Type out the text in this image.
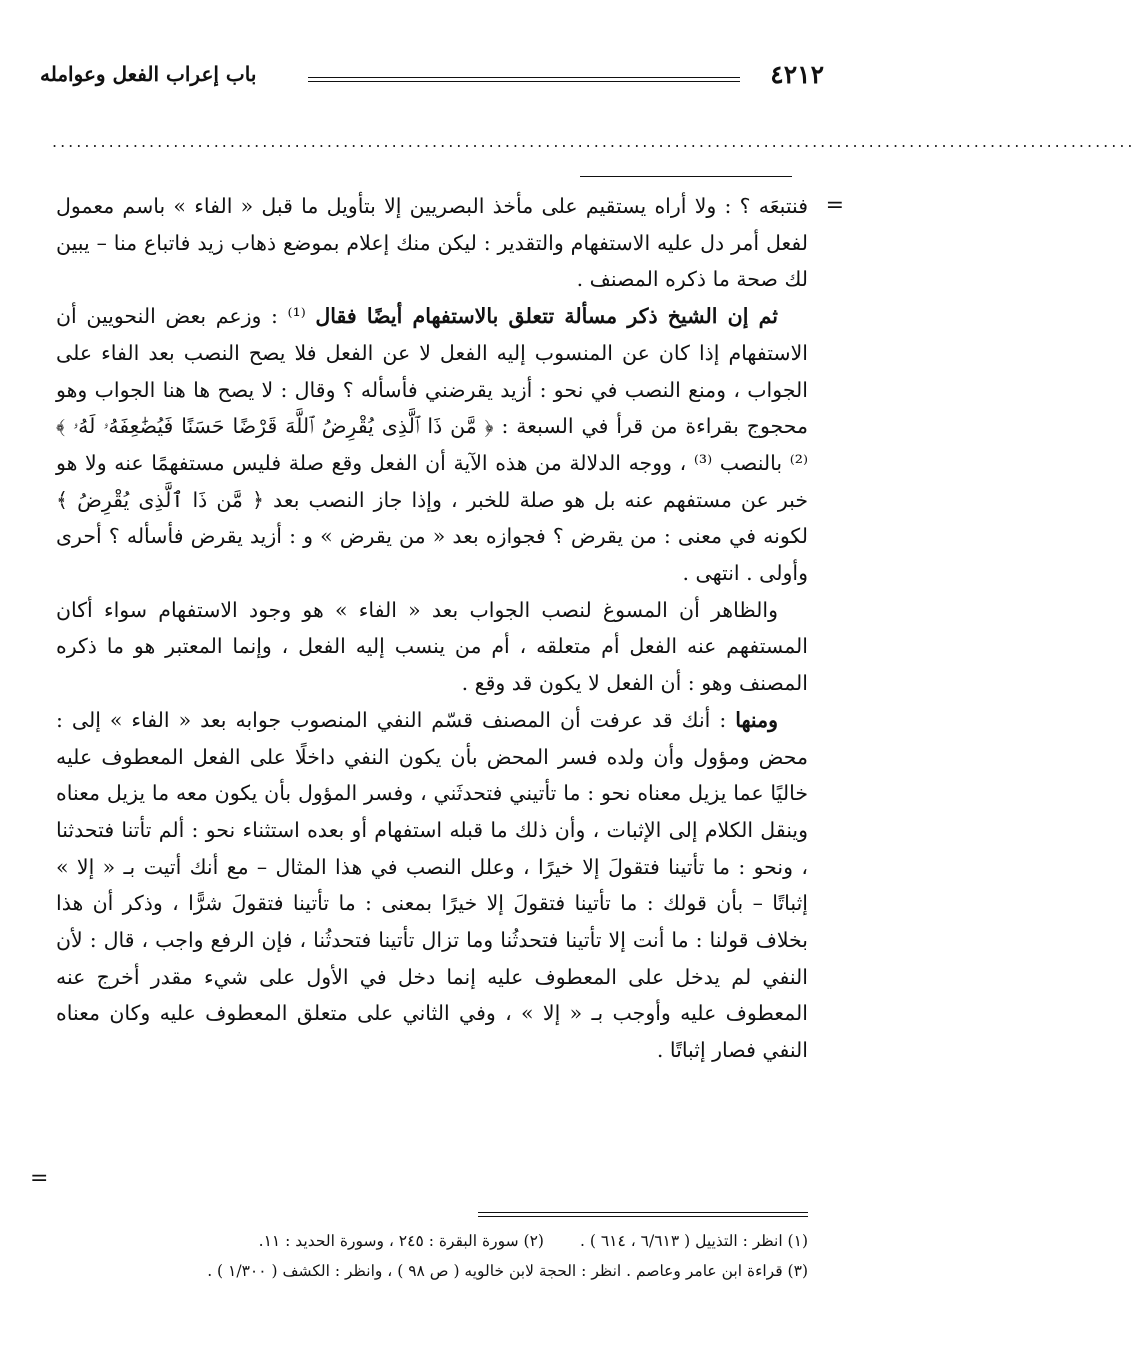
٤٢١٢
باب إعراب الفعل وعوامله
......................................................................................................................................
=

فنتبعَه ؟ : ولا أراه يستقيم على مأخذ البصريين إلا بتأويل ما قبل « الفاء » باسم معمول لفعل أمر دل عليه الاستفهام والتقدير : ليكن منك إعلام بموضع ذهاب زيد فاتباع منا – يبين لك صحة ما ذكره المصنف .

ثم إن الشيخ ذكر مسألة تتعلق بالاستفهام أيضًا فقال ⁽¹⁾ : وزعم بعض النحويين أن الاستفهام إذا كان عن المنسوب إليه الفعل لا عن الفعل فلا يصح النصب بعد الفاء على الجواب ، ومنع النصب في نحو : أزيد يقرضني فأسأله ؟ وقال : لا يصح ها هنا الجواب وهو محجوج بقراءة من قرأ في السبعة : ﴿ مَّن ذَا ٱلَّذِى يُقْرِضُ ٱللَّهَ قَرْضًا حَسَنًا فَيُضَٰعِفَهُۥ لَهُۥ ﴾ ⁽²⁾ بالنصب ⁽³⁾ ، ووجه الدلالة من هذه الآية أن الفعل وقع صلة فليس مستفهمًا عنه ولا هو خبر عن مستفهم عنه بل هو صلة للخبر ، وإذا جاز النصب بعد ﴿ مَّن ذَا ٱلَّذِى يُقْرِضُ ﴾ لكونه في معنى : من يقرض ؟ فجوازه بعد « من يقرض » و : أزيد يقرض فأسأله ؟ أحرى وأولى . انتهى .

والظاهر أن المسوغ لنصب الجواب بعد « الفاء » هو وجود الاستفهام سواء أكان المستفهم عنه الفعل أم متعلقه ، أم من ينسب إليه الفعل ، وإنما المعتبر هو ما ذكره المصنف وهو : أن الفعل لا يكون قد وقع .

ومنها : أنك قد عرفت أن المصنف قسّم النفي المنصوب جوابه بعد « الفاء » إلى : محض ومؤول وأن ولده فسر المحض بأن يكون النفي داخلًا على الفعل المعطوف عليه خاليًا عما يزيل معناه نحو : ما تأتيني فتحدثَني ، وفسر المؤول بأن يكون معه ما يزيل معناه وينقل الكلام إلى الإثبات ، وأن ذلك ما قبله استفهام أو بعده استثناء نحو : ألم تأتنا فتحدثنا ، ونحو : ما تأتينا فتقولَ إلا خيرًا ، وعلل النصب في هذا المثال – مع أنك أتيت بـ « إلا » إثباتًا – بأن قولك : ما تأتينا فتقولَ إلا خيرًا بمعنى : ما تأتينا فتقولَ شرًّا ، وذكر أن هذا بخلاف قولنا : ما أنت إلا تأتينا فتحدثُنا وما تزال تأتينا فتحدثُنا ، فإن الرفع واجب ، قال : لأن النفي لم يدخل على المعطوف عليه إنما دخل في الأول على شيء مقدر أخرج عنه المعطوف عليه وأوجب بـ « إلا » ، وفي الثاني على متعلق المعطوف عليه وكان معناه النفي فصار إثباتًا .

=
(١) انظر : التذييل ( ٦/٦١٣ ، ٦١٤ ) .(٢) سورة البقرة : ٢٤٥ ، وسورة الحديد : ١١.
(٣) قراءة ابن عامر وعاصم . انظر : الحجة لابن خالويه ( ص ٩٨ ) ، وانظر : الكشف ( ١/٣٠٠ ) .
